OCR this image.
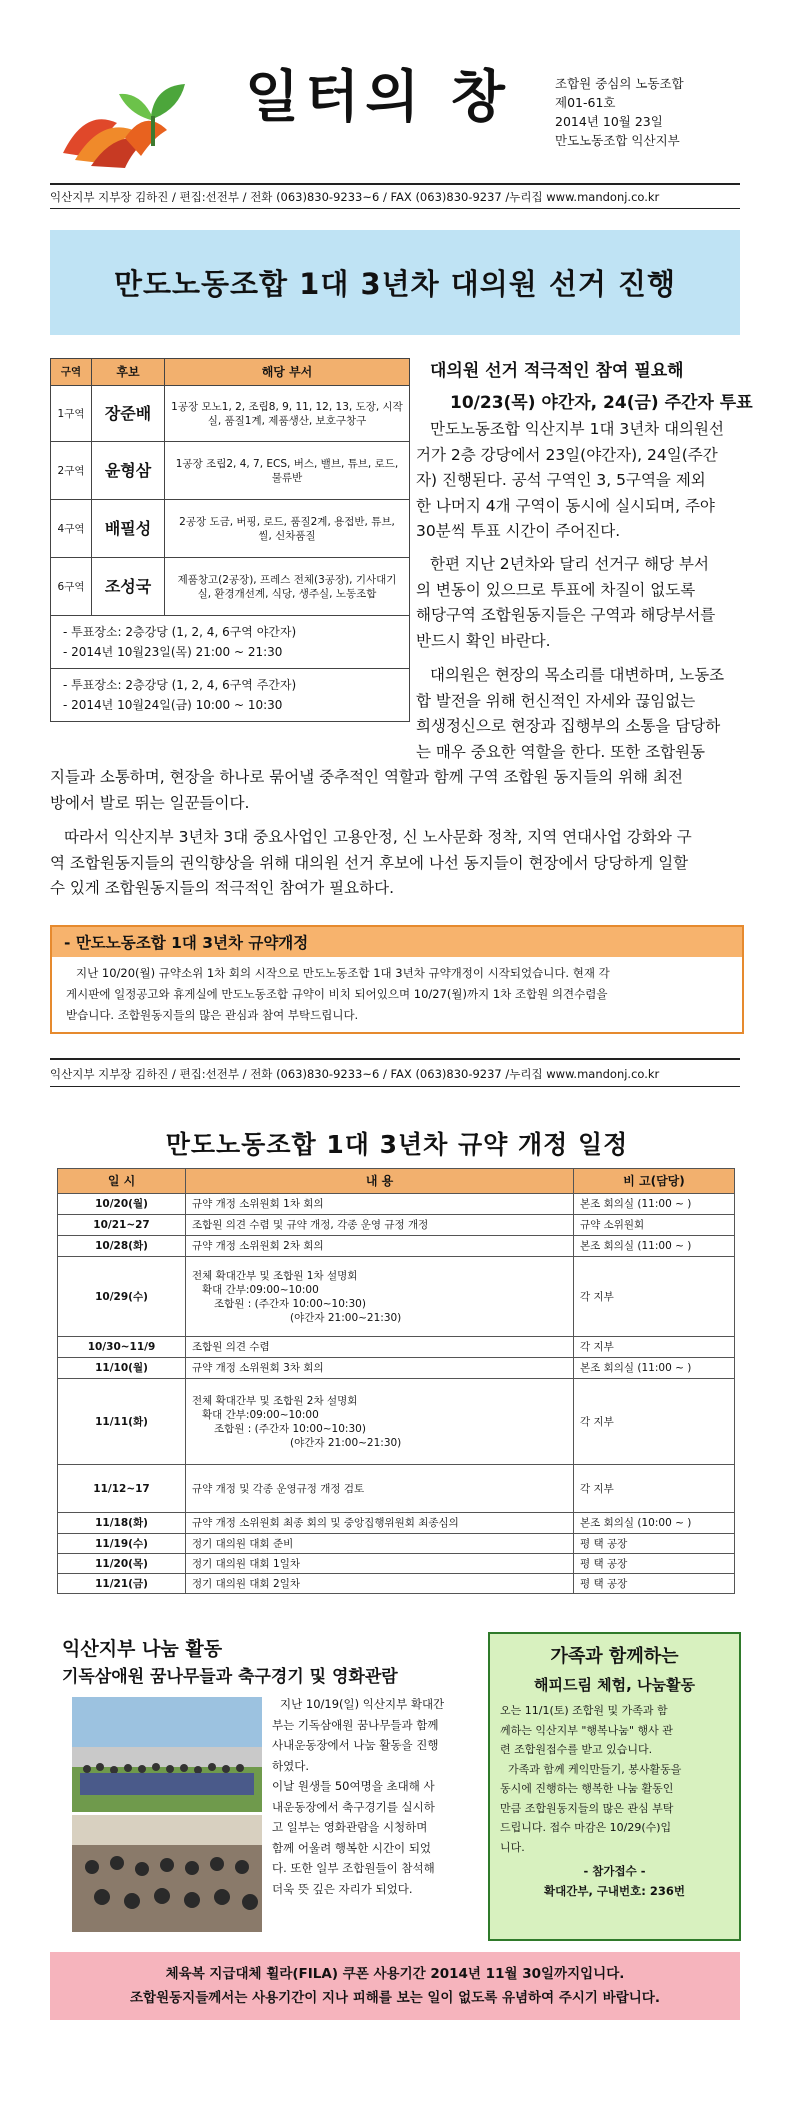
일터의 창	조합원 중심의 노동조합
제01-61호
2014년 10월 23일
만도노동조합 익산지부
익산지부 지부장 김하진 / 편집:선전부 / 전화 (063)830-9233~6 / FAX (063)830-9237 /누리집 www.mandonj.co.kr
만도노동조합 1대 3년차 대의원 선거 진행
구역	후보	해당 부서
1구역	장준배	1공장 모노1, 2, 조립8, 9, 11, 12, 13, 도장, 시작실, 품질1계, 제품생산, 보호구창구
2구역	윤형삼	1공장 조립2, 4, 7, ECS, 버스, 밸브, 튜브, 로드, 물류반
4구역	배필성	2공장 도금, 버핑, 로드, 품질2계, 용접반, 튜브, 씰, 신차품질
6구역	조성국	제품창고(2공장), 프레스 전체(3공장), 기사대기실, 환경개선계, 식당, 생주실, 노동조합

- 투표장소: 2층강당 (1, 2, 4, 6구역 야간자)
- 2014년 10월23일(목) 21:00 ~ 21:30		

- 투표장소: 2층강당 (1, 2, 4, 6구역 주간자)
- 2014년 10월24일(금) 10:00 ~ 10:30		
대의원 선거 적극적인 참여 필요해
10/23(목) 야간자, 24(금) 주간자 투표
만도노동조합 익산지부 1대 3년차 대의원선
거가 2층 강당에서 23일(야간자), 24일(주간
자) 진행된다. 공석 구역인 3, 5구역을 제외
한 나머지 4개 구역이 동시에 실시되며, 주야
30분씩 투표 시간이 주어진다.
한편 지난 2년차와 달리 선거구 해당 부서
의 변동이 있으므로 투표에 차질이 없도록
해당구역 조합원동지들은 구역과 해당부서를
반드시 확인 바란다.
대의원은 현장의 목소리를 대변하며, 노동조
합 발전을 위해 헌신적인 자세와 끊임없는
희생정신으로 현장과 집행부의 소통을 담당하
는 매우 중요한 역할을 한다. 또한 조합원동
지들과 소통하며, 현장을 하나로 묶어낼 중추적인 역할과 함께 구역 조합원 동지들의 위해 최전
방에서 발로 뛰는 일꾼들이다.
따라서 익산지부 3년차 3대 중요사업인 고용안정, 신 노사문화 정착, 지역 연대사업 강화와 구
역 조합원동지들의 권익향상을 위해 대의원 선거 후보에 나선 동지들이 현장에서 당당하게 일할
수 있게 조합원동지들의 적극적인 참여가 필요하다.
- 만도노동조합 1대 3년차 규약개정
지난 10/20(월) 규약소위 1차 회의 시작으로 만도노동조합 1대 3년차 규약개정이 시작되었습니다. 현재 각
게시판에 일정공고와 휴게실에 만도노동조합 규약이 비치 되어있으며 10/27(월)까지 1차 조합원 의견수렴을
받습니다. 조합원동지들의 많은 관심과 참여 부탁드립니다.
익산지부 지부장 김하진 / 편집:선전부 / 전화 (063)830-9233~6 / FAX (063)830-9237 /누리집 www.mandonj.co.kr
만도노동조합 1대 3년차 규약 개정 일정
일 시	내 용	비 고(담당)
10/20(월)	규약 개정 소위원회 1차 회의	본조 회의실 (11:00 ~ )
10/21~27	조합원 의견 수렴 및 규약 개정, 각종 운영 규정 개정	규약 소위원회
10/28(화)	규약 개정 소위원회 2차 회의	본조 회의실 (11:00 ~ )
10/29(수)	전체 확대간부 및 조합원 1차 설명회
확대 간부:09:00~10:00
조합원 : (주간자 10:00~10:30)
(야간자 21:00~21:30)	각 지부
10/30~11/9	조합원 의견 수렴	각 지부
11/10(월)	규약 개정 소위원회 3차 회의	본조 회의실 (11:00 ~ )
11/11(화)	전체 확대간부 및 조합원 2차 설명회
확대 간부:09:00~10:00
조합원 : (주간자 10:00~10:30)
(야간자 21:00~21:30)	각 지부
11/12~17	규약 개정 및 각종 운영규정 개정 검토	각 지부
11/18(화)	규약 개정 소위원회 최종 회의 및 중앙집행위원회 최종심의	본조 회의실 (10:00 ~ )
11/19(수)	정기 대의원 대회 준비	평 택 공장
11/20(목)	정기 대의원 대회 1일차	평 택 공장
11/21(금)	정기 대의원 대회 2일차	평 택 공장
익산지부 나눔 활동
기독삼애원 꿈나무들과 축구경기 및 영화관람
지난 10/19(일) 익산지부 확대간
부는 기독삼애원 꿈나무들과 함께
사내운동장에서 나눔 활동을 진행
하였다.
이날 원생들 50여명을 초대해 사
내운동장에서 축구경기를 실시하
고 일부는 영화관람을 시청하며
함께 어울려 행복한 시간이 되었
다. 또한 일부 조합원들이 참석해
더욱 뜻 깊은 자리가 되었다.
가족과 함께하는
해피드림 체험, 나눔활동
오는 11/1(토) 조합원 및 가족과 함
께하는 익산지부 "행복나눔" 행사 관
련 조합원접수를 받고 있습니다.
가족과 함께 케익만들기, 봉사활동을
동시에 진행하는 행복한 나눔 활동인
만큼 조합원동지들의 많은 관심 부탁
드립니다. 접수 마감은 10/29(수)입
니다.
- 참가접수 -
확대간부, 구내번호: 236번
체육복 지급대체 휠라(FILA) 쿠폰 사용기간 2014년 11월 30일까지입니다.
조합원동지들께서는 사용기간이 지나 피해를 보는 일이 없도록 유념하여 주시기 바랍니다.
